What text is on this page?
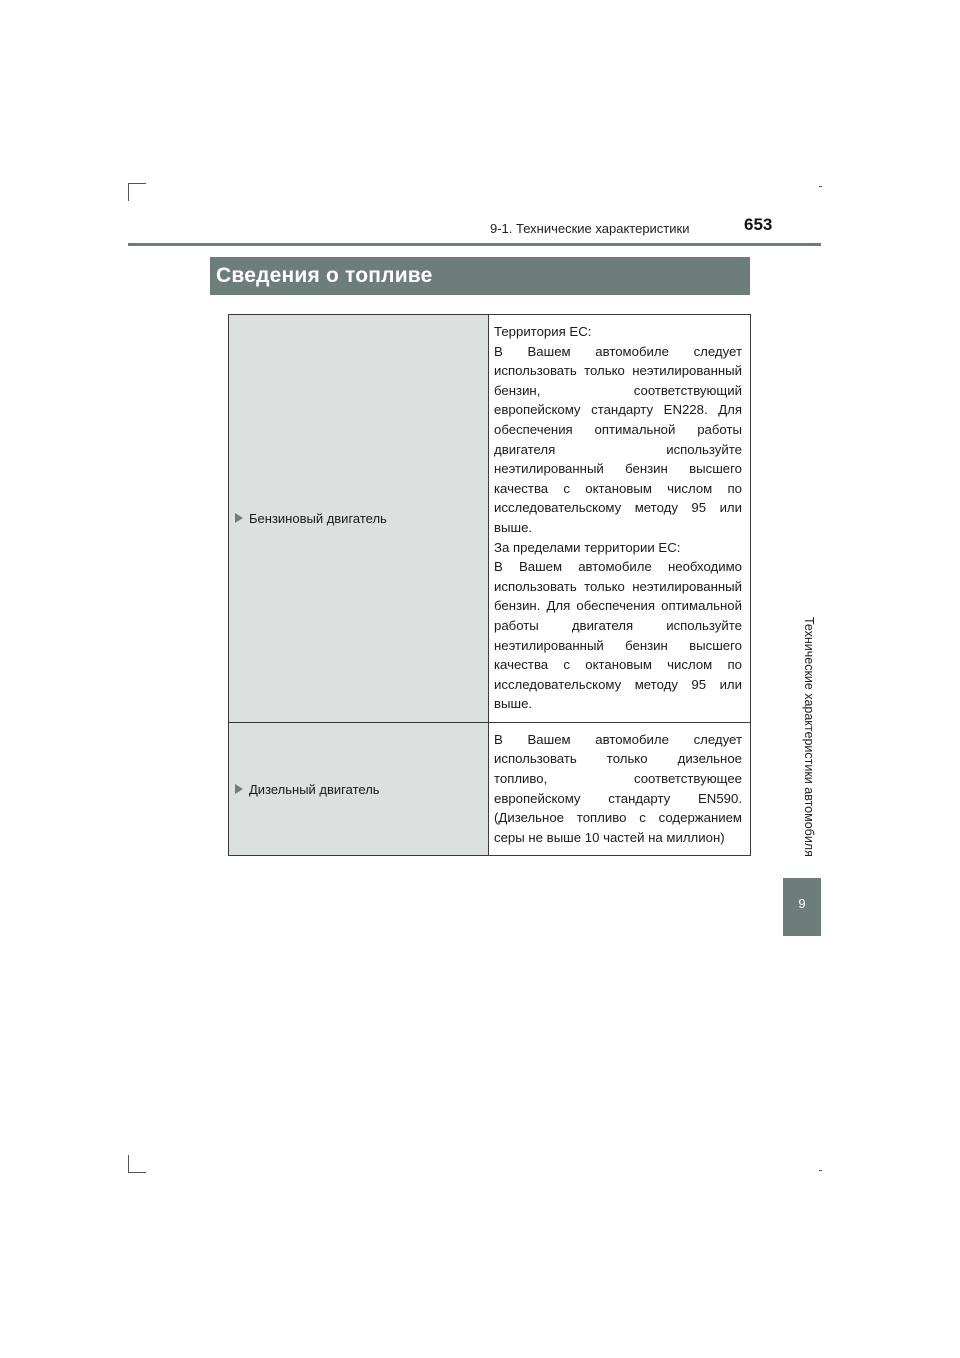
9-1. Технические характеристики	653
Сведения о топливе
Бензиновый двигатель	Территория ЕС:

В Вашем автомобиле следует использовать только неэтилированный бензин, соответствующий европейскому стандарту EN228. Для обеспечения оптимальной работы двигателя используйте неэтилированный бензин высшего качества с октановым числом по исследовательскому методу 95 или выше.

За пределами территории ЕС:

В Вашем автомобиле необходимо использовать только неэтилированный бензин. Для обеспечения оптимальной работы двигателя используйте неэтилированный бензин высшего качества с октановым числом по исследовательскому методу 95 или выше.

Дизельный двигатель	В Вашем автомобиле следует использовать только дизельное топливо, соответствующее европейскому стандарту EN590. (Дизельное топливо с содержанием серы не выше 10 частей на миллион)	Технические характеристики автомобиля
9
